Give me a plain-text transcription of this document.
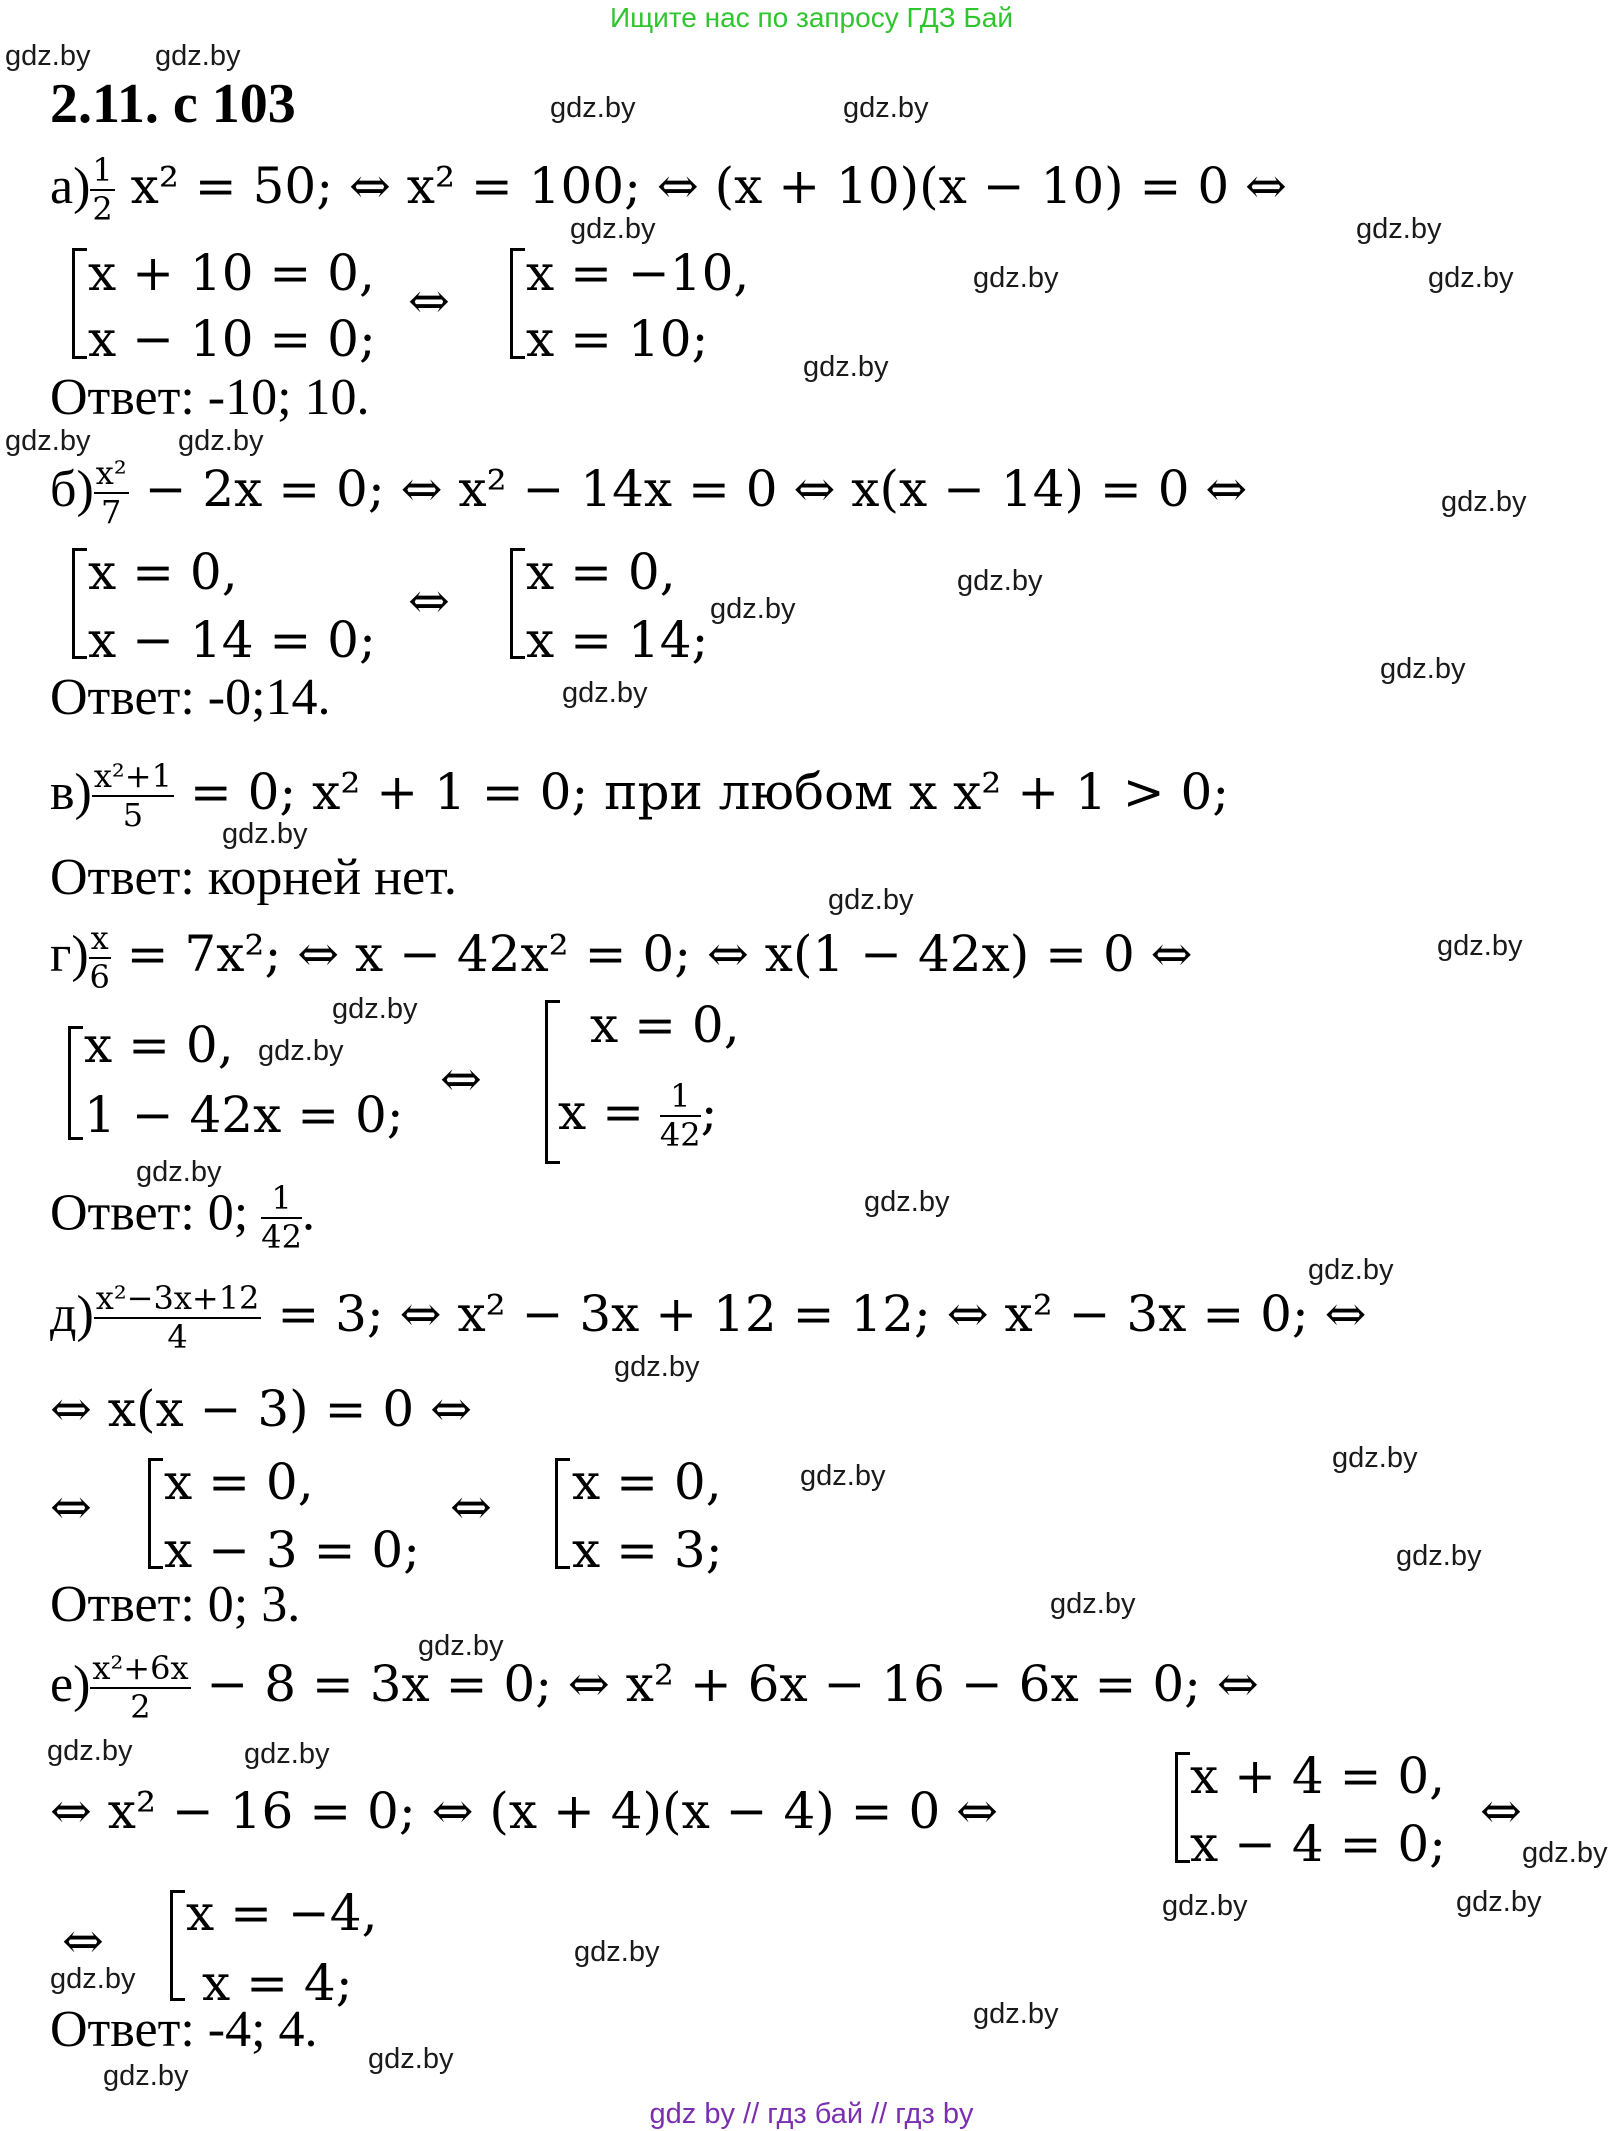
Ищите нас по запросу ГДЗ Бай
2.11. с 103
$а) \frac{1}{2} x^2 = 50$; ⇔ x² = 100; ⇔ (x + 10)(x − 10) = 0 ⇔
x + 10 = 0,
x − 10 = 0;
⇔ x = −10,
x = 10;
Ответ: -10; 10.
$б) \frac{\text{x²}}{7} - 2x = 0$; ⇔ x² − 14x = 0 ⇔ x(x − 14) = 0 ⇔
x = 0,
x − 14 = 0;
⇔ x = 0,
x = 14;
Ответ: -0;14.
$в) \frac{\text{x²+1}}{5} = 0$; x² + 1 = 0; при любом x x² + 1 > 0;
Ответ: корней нет.
$г) \frac{x}{6} = 7x^2$; ⇔ x − 42x² = 0; ⇔ x(1 − 42x) = 0 ⇔
x = 0,
1 − 42x = 0;
⇔
x = 0,
$x = \frac{1}{42}$ ;
Ответ: 0; $\frac{1}{42}$ .
$д) \frac{\text{x²−3x+12}}{4} = 3$; ⇔ x² − 3x + 12 = 12; ⇔ x² − 3x = 0; ⇔
⇔ x(x − 3) = 0 ⇔
⇔ x = 0,
x − 3 = 0;
⇔ x = 0,
x = 3;
Ответ: 0; 3.
$е) \frac{\text{x²+6x}}{2} - 8 = 3x = 0$; ⇔ x² + 6x − 16 − 6x = 0; ⇔
⇔ x² − 16 = 0; ⇔ (x + 4)(x − 4) = 0 ⇔
x + 4 = 0,
x − 4 = 0;
⇔
⇔ x = −4,
x = 4;
Ответ: -4; 4.
gdz.by gdz.by
gdz.by	gdz.by
gdz.by	gdz.by
gdz.by	gdz.by
gdz.by
gdz.by	gdz.by
gdz.by
gdz.by
gdz.by
gdz.by
gdz.by
gdz.by
gdz.by
gdz.by
gdz.by
gdz.by
gdz.by
gdz.by
gdz.by
gdz.by
gdz.by
gdz.by
gdz.by
gdz.by
gdz.by
gdz.by	gdz.by
gdz.by
gdz.by	gdz.by
gdz.by
gdz.by
gdz.by
gdz.by
gdz.by
gdz by // гдз бай // гдз by
